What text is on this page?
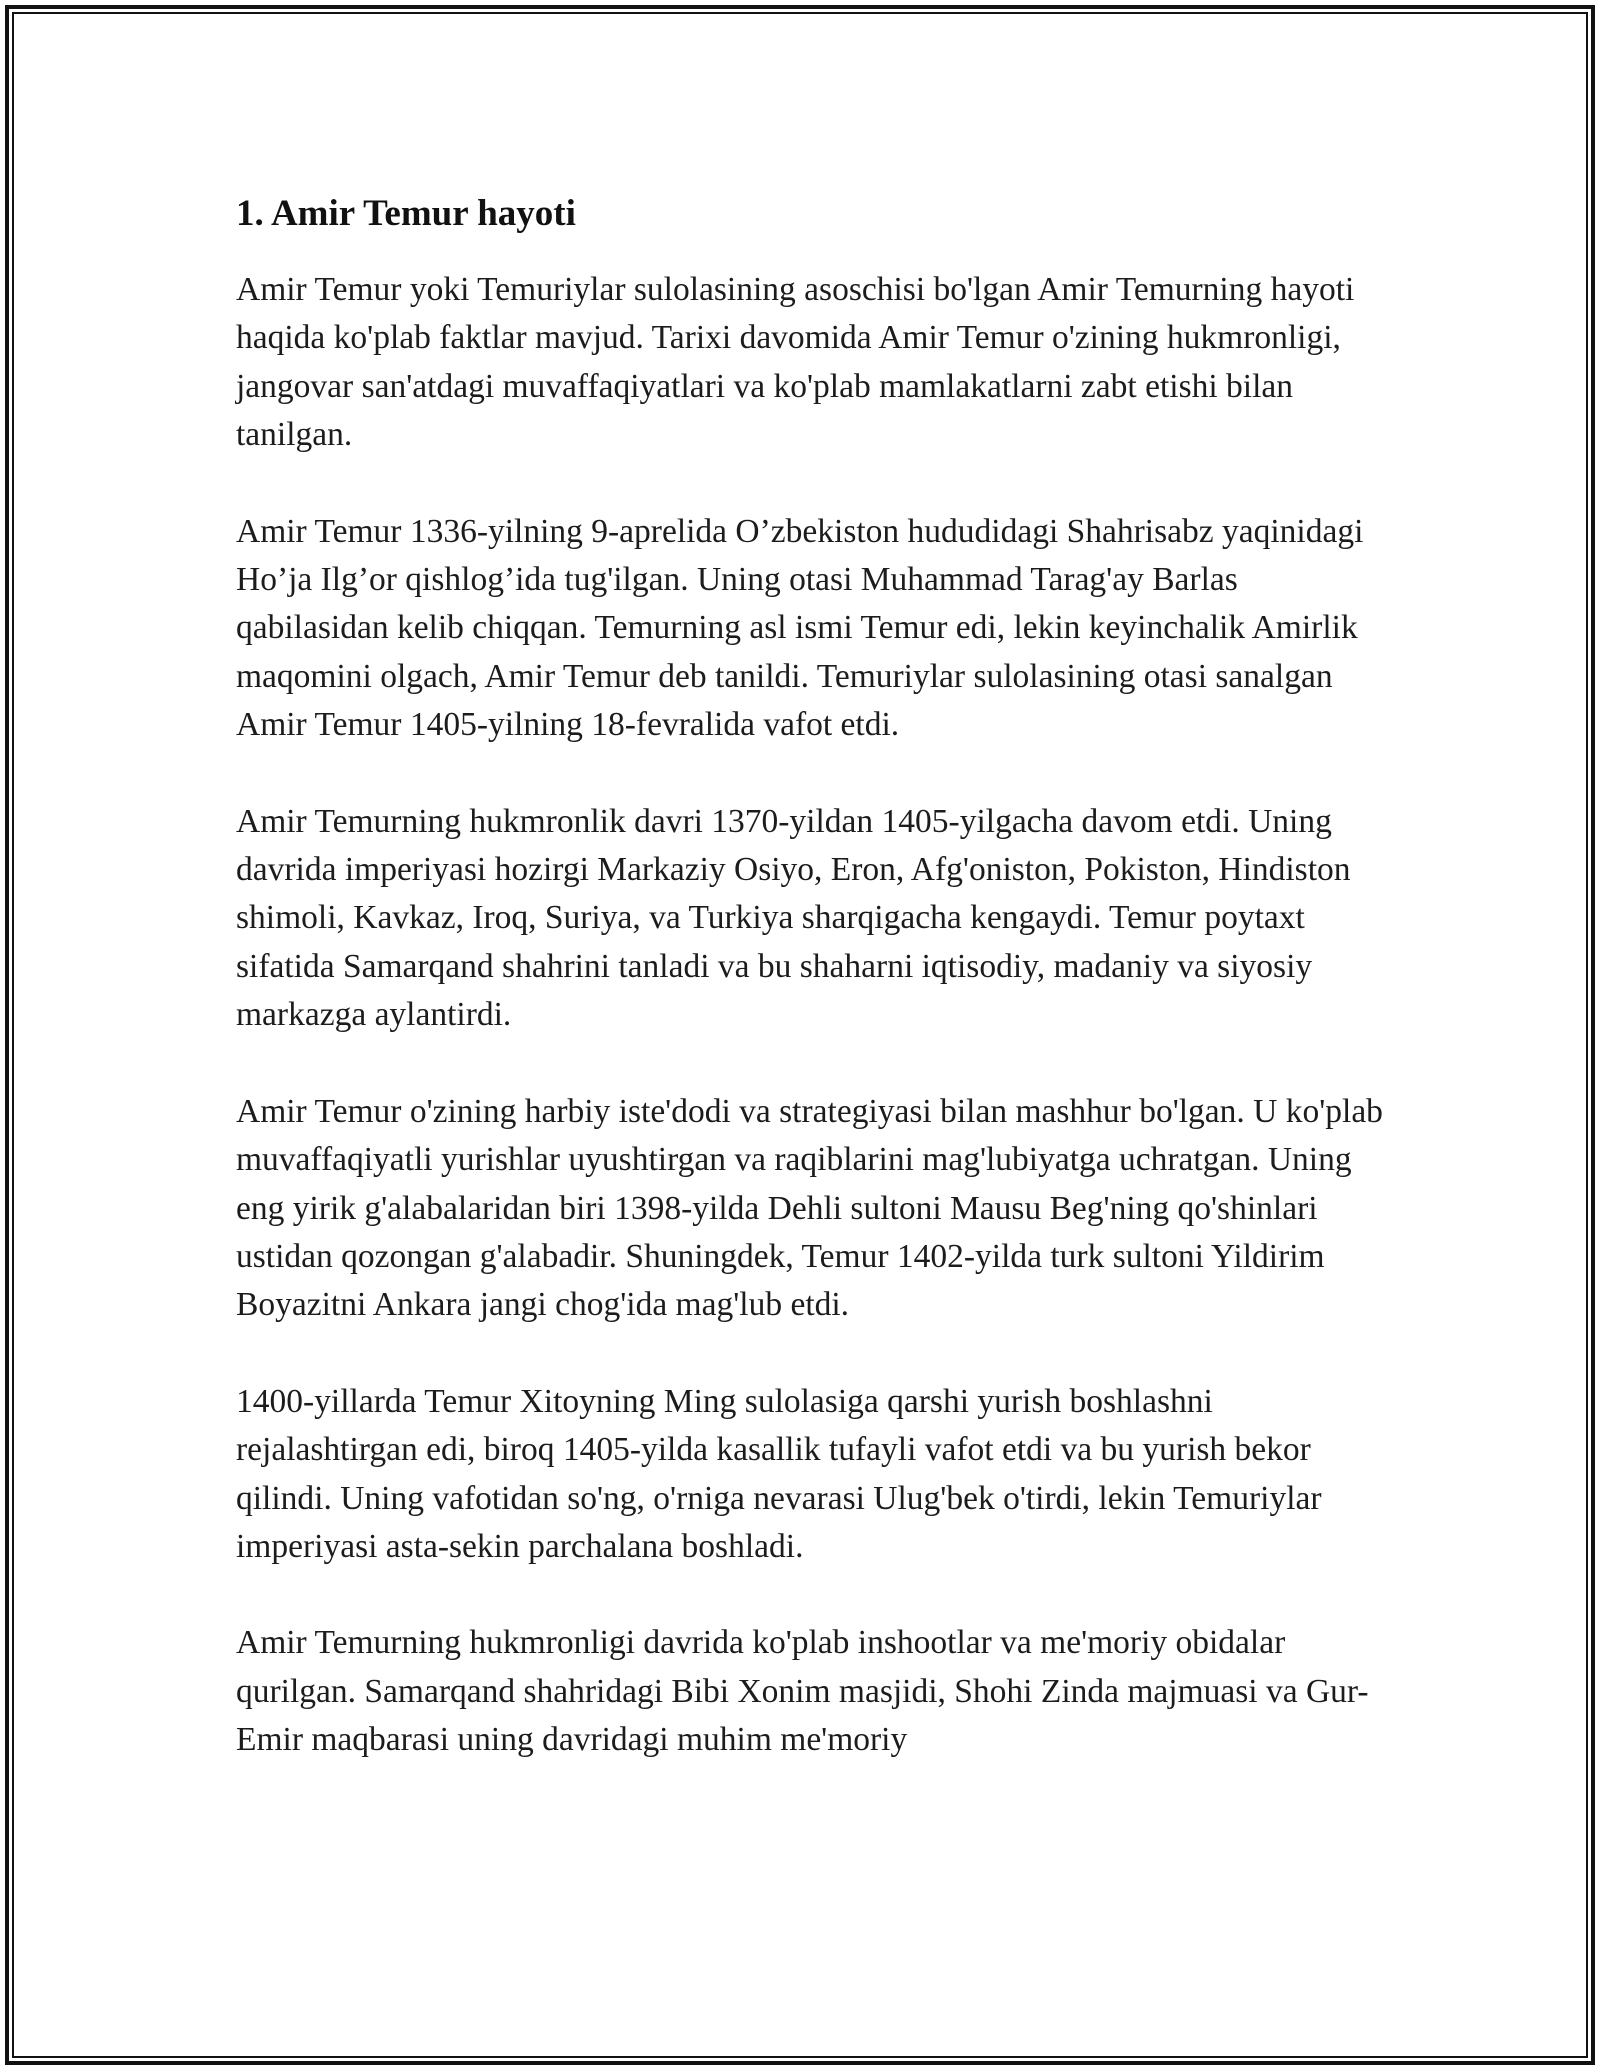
1. Amir Temur hayoti

Amir Temur yoki Temuriylar sulolasining asoschisi bo'lgan Amir Temurning hayoti haqida ko'plab faktlar mavjud. Tarixi davomida Amir Temur o'zining hukmronligi, jangovar san'atdagi muvaffaqiyatlari va ko'plab mamlakatlarni zabt etishi bilan tanilgan.

Amir Temur 1336-yilning 9-aprelida O’zbekiston hududidagi Shahrisabz yaqinidagi Ho’ja Ilg’or qishlog’ida tug'ilgan. Uning otasi Muhammad Tarag'ay Barlas qabilasidan kelib chiqqan. Temurning asl ismi Temur edi, lekin keyinchalik Amirlik maqomini olgach, Amir Temur deb tanildi. Temuriylar sulolasining otasi sanalgan Amir Temur 1405-yilning 18-fevralida vafot etdi.

Amir Temurning hukmronlik davri 1370-yildan 1405-yilgacha davom etdi. Uning davrida imperiyasi hozirgi Markaziy Osiyo, Eron, Afg'oniston, Pokiston, Hindiston shimoli, Kavkaz, Iroq, Suriya, va Turkiya sharqigacha kengaydi. Temur poytaxt sifatida Samarqand shahrini tanladi va bu shaharni iqtisodiy, madaniy va siyosiy markazga aylantirdi.

Amir Temur o'zining harbiy iste'dodi va strategiyasi bilan mashhur bo'lgan. U ko'plab muvaffaqiyatli yurishlar uyushtirgan va raqiblarini mag'lubiyatga uchratgan. Uning eng yirik g'alabalaridan biri 1398-yilda Dehli sultoni Mausu Beg'ning qo'shinlari ustidan qozongan g'alabadir. Shuningdek, Temur 1402-yilda turk sultoni Yildirim Boyazitni Ankara jangi chog'ida mag'lub etdi.

1400-yillarda Temur Xitoyning Ming sulolasiga qarshi yurish boshlashni rejalashtirgan edi, biroq 1405-yilda kasallik tufayli vafot etdi va bu yurish bekor qilindi. Uning vafotidan so'ng, o'rniga nevarasi Ulug'bek o'tirdi, lekin Temuriylar imperiyasi asta-sekin parchalana boshladi.

Amir Temurning hukmronligi davrida ko'plab inshootlar va me'moriy obidalar qurilgan. Samarqand shahridagi Bibi Xonim masjidi, Shohi Zinda majmuasi va Gur-Emir maqbarasi uning davridagi muhim me'moriy
